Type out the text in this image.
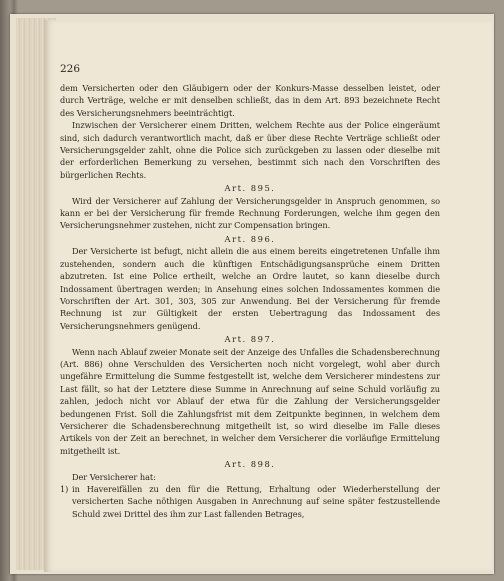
226

dem Versicherten oder den Gläubigern oder der Konkurs-Masse desselben leistet, oder durch Verträge, welche er mit denselben schließt, das in dem Art. 893 bezeichnete Recht des Versicherungsnehmers beeinträchtigt.

Inzwischen der Versicherer einem Dritten, welchem Rechte aus der Police eingeräumt sind, sich dadurch verantwortlich macht, daß er über diese Rechte Verträge schließt oder Versicherungsgelder zahlt, ohne die Police sich zurückgeben zu lassen oder dieselbe mit der erforderlichen Bemerkung zu versehen, bestimmt sich nach den Vorschriften des bürgerlichen Rechts.

Art. 895.

Wird der Versicherer auf Zahlung der Versicherungsgelder in Anspruch genommen, so kann er bei der Versicherung für fremde Rechnung Forderungen, welche ihm gegen den Versicherungsnehmer zustehen, nicht zur Compensation bringen.

Art. 896.

Der Versicherte ist befugt, nicht allein die aus einem bereits eingetretenen Unfalle ihm zustehenden, sondern auch die künftigen Entschädigungsansprüche einem Dritten abzutreten. Ist eine Police ertheilt, welche an Ordre lautet, so kann dieselbe durch Indossament übertragen werden; in Ansehung eines solchen Indossamentes kommen die Vorschriften der Art. 301, 303, 305 zur Anwendung. Bei der Versicherung für fremde Rechnung ist zur Gültigkeit der ersten Uebertragung das Indossament des Versicherungsnehmers genügend.

Art. 897.

Wenn nach Ablauf zweier Monate seit der Anzeige des Unfalles die Schadensberechnung (Art. 886) ohne Verschulden des Versicherten noch nicht vorgelegt, wohl aber durch ungefähre Ermittelung die Summe festgestellt ist, welche dem Versicherer mindestens zur Last fällt, so hat der Letztere diese Summe in Anrechnung auf seine Schuld vorläufig zu zahlen, jedoch nicht vor Ablauf der etwa für die Zahlung der Versicherungsgelder bedungenen Frist. Soll die Zahlungsfrist mit dem Zeitpunkte beginnen, in welchem dem Versicherer die Schadensberechnung mitgetheilt ist, so wird dieselbe im Falle dieses Artikels von der Zeit an berechnet, in welcher dem Versicherer die vorläufige Ermittelung mitgetheilt ist.

Art. 898.

Der Versicherer hat:

1) in Havereifällen zu den für die Rettung, Erhaltung oder Wiederherstellung der versicherten Sache nöthigen Ausgaben in Anrechnung auf seine später festzustellende Schuld zwei Drittel des ihm zur Last fallenden Betrages,
